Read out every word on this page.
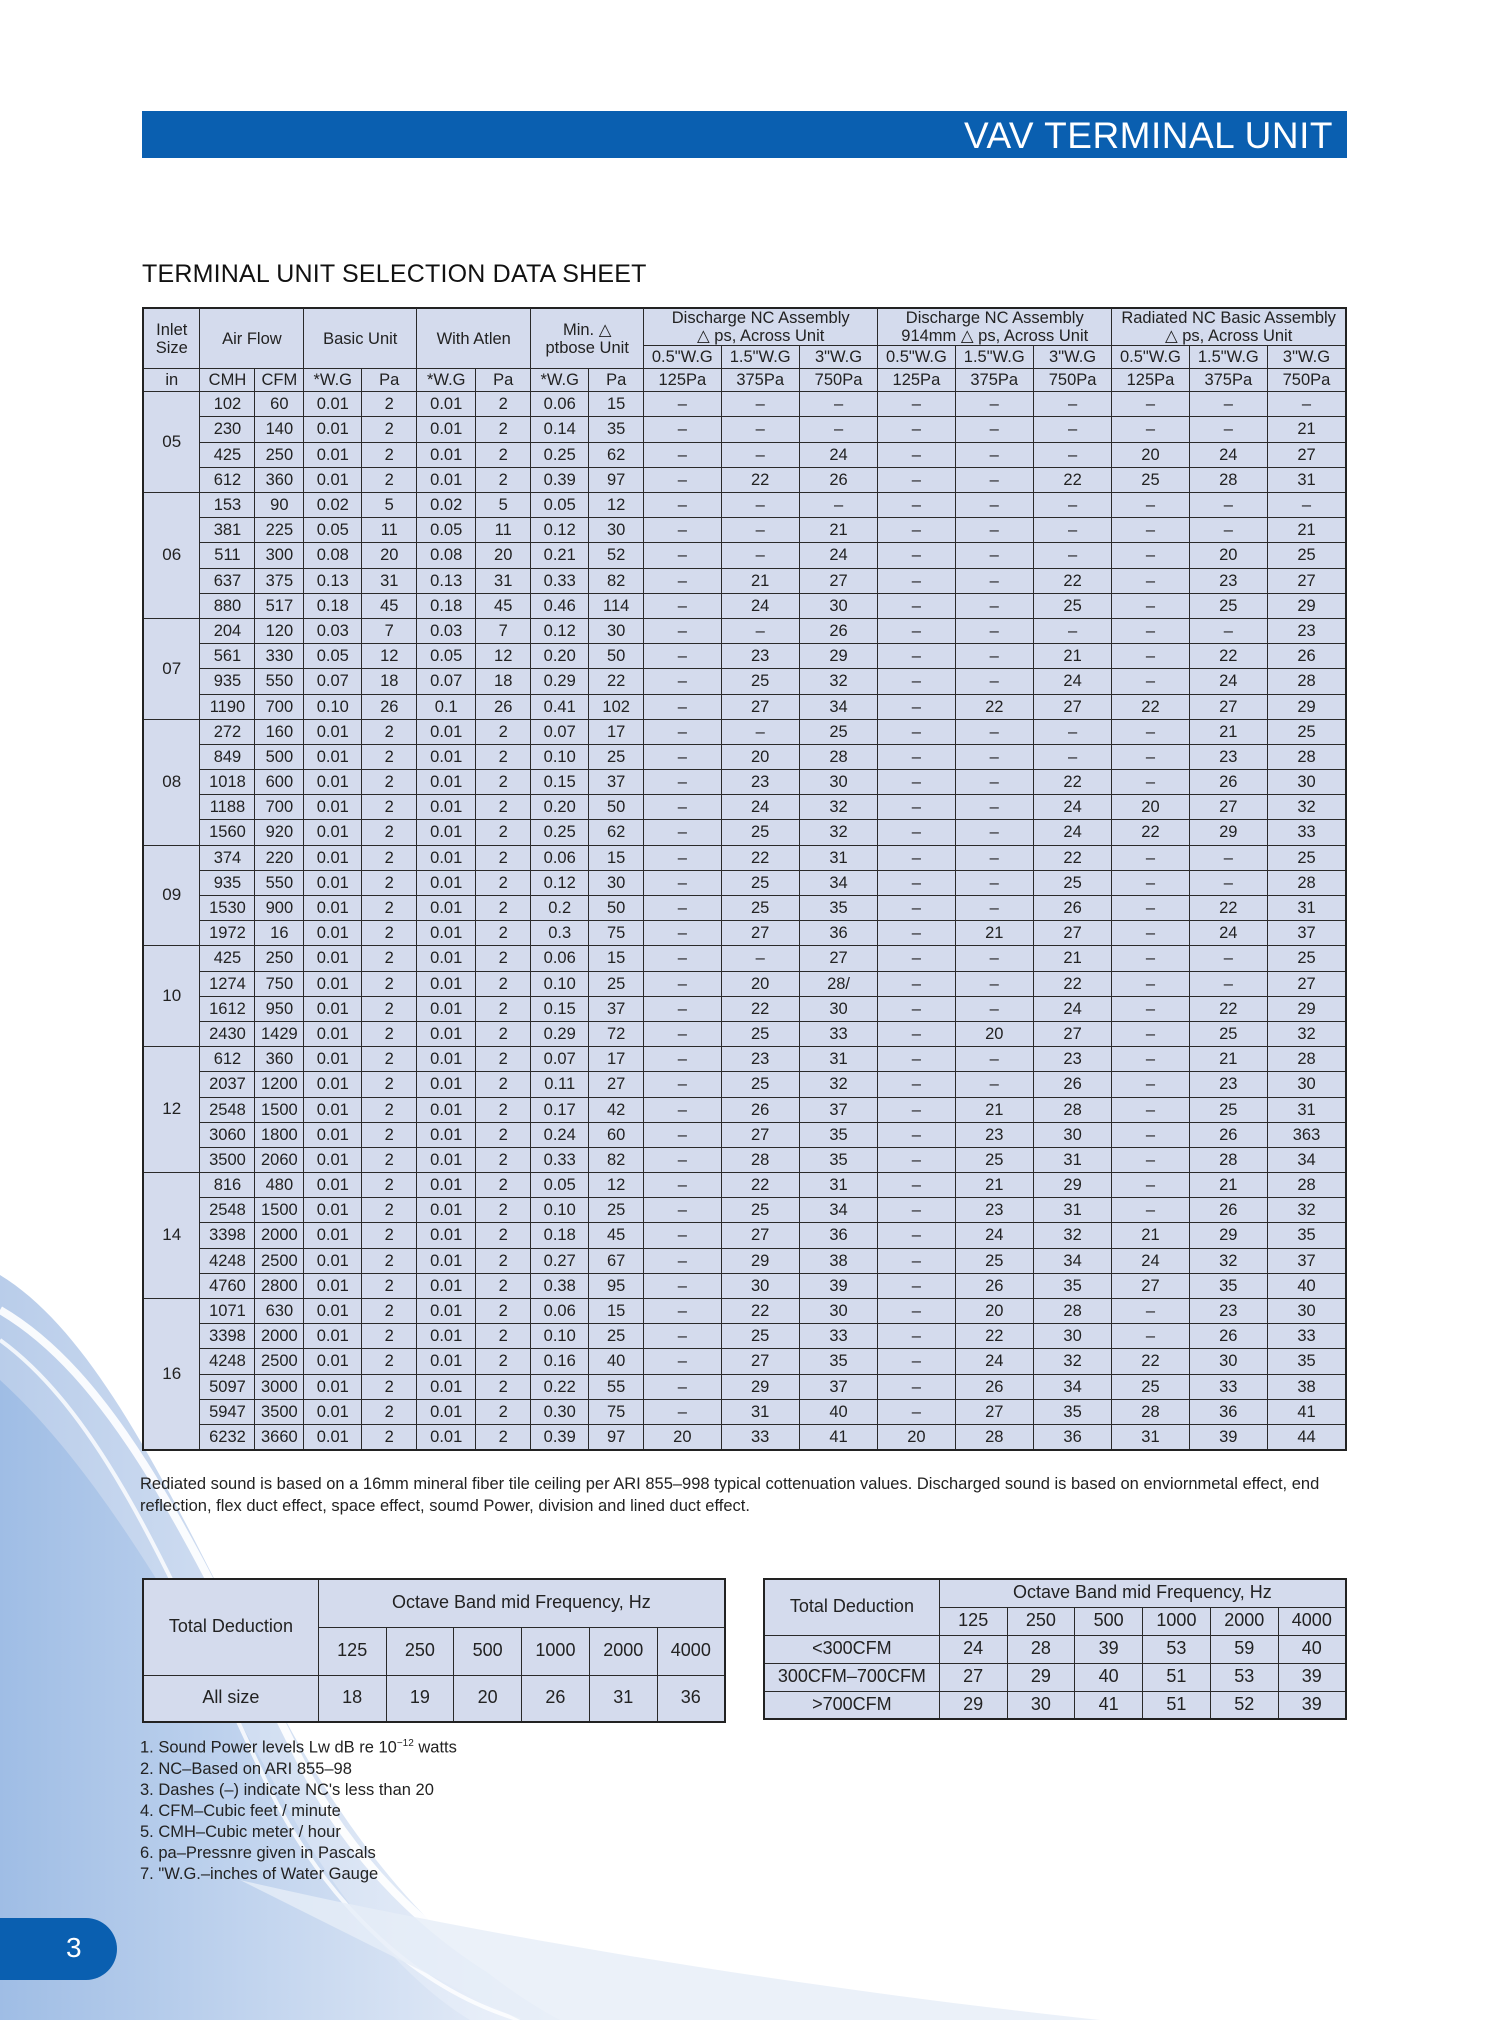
VAV TERMINAL UNIT
TERMINAL UNIT SELECTION DATA SHEET
Inlet Size	Air Flow		Basic Unit		With Atlen		Min. △ ptbose Unit		Discharge NC Assembly △ ps, Across Unit			Discharge NC Assembly 914mm △ ps, Across Unit			Radiated NC Basic Assembly △ ps, Across Unit		

									0.5"W.G	1.5"W.G	3"W.G	0.5"W.G	1.5"W.G	3"W.G	0.5"W.G	1.5"W.G	3"W.G
in	CMH	CFM	*W.G	Pa	*W.G	Pa	*W.G	Pa	125Pa	375Pa	750Pa	125Pa	375Pa	750Pa	125Pa	375Pa	750Pa
05	102	60	0.01	2	0.01	2	0.06	15	–	–	–	–	–	–	–	–	–
	230	140	0.01	2	0.01	2	0.14	35	–	–	–	–	–	–	–	–	21
	425	250	0.01	2	0.01	2	0.25	62	–	–	24	–	–	–	20	24	27
	612	360	0.01	2	0.01	2	0.39	97	–	22	26	–	–	22	25	28	31
06	153	90	0.02	5	0.02	5	0.05	12	–	–	–	–	–	–	–	–	–
	381	225	0.05	11	0.05	11	0.12	30	–	–	21	–	–	–	–	–	21
	511	300	0.08	20	0.08	20	0.21	52	–	–	24	–	–	–	–	20	25
	637	375	0.13	31	0.13	31	0.33	82	–	21	27	–	–	22	–	23	27
	880	517	0.18	45	0.18	45	0.46	114	–	24	30	–	–	25	–	25	29
07	204	120	0.03	7	0.03	7	0.12	30	–	–	26	–	–	–	–	–	23
	561	330	0.05	12	0.05	12	0.20	50	–	23	29	–	–	21	–	22	26
	935	550	0.07	18	0.07	18	0.29	22	–	25	32	–	–	24	–	24	28
	1190	700	0.10	26	0.1	26	0.41	102	–	27	34	–	22	27	22	27	29
08	272	160	0.01	2	0.01	2	0.07	17	–	–	25	–	–	–	–	21	25
	849	500	0.01	2	0.01	2	0.10	25	–	20	28	–	–	–	–	23	28
	1018	600	0.01	2	0.01	2	0.15	37	–	23	30	–	–	22	–	26	30
	1188	700	0.01	2	0.01	2	0.20	50	–	24	32	–	–	24	20	27	32
	1560	920	0.01	2	0.01	2	0.25	62	–	25	32	–	–	24	22	29	33
09	374	220	0.01	2	0.01	2	0.06	15	–	22	31	–	–	22	–	–	25
	935	550	0.01	2	0.01	2	0.12	30	–	25	34	–	–	25	–	–	28
	1530	900	0.01	2	0.01	2	0.2	50	–	25	35	–	–	26	–	22	31
	1972	16	0.01	2	0.01	2	0.3	75	–	27	36	–	21	27	–	24	37
10	425	250	0.01	2	0.01	2	0.06	15	–	–	27	–	–	21	–	–	25
	1274	750	0.01	2	0.01	2	0.10	25	–	20	28/	–	–	22	–	–	27
	1612	950	0.01	2	0.01	2	0.15	37	–	22	30	–	–	24	–	22	29
	2430	1429	0.01	2	0.01	2	0.29	72	–	25	33	–	20	27	–	25	32
12	612	360	0.01	2	0.01	2	0.07	17	–	23	31	–	–	23	–	21	28
	2037	1200	0.01	2	0.01	2	0.11	27	–	25	32	–	–	26	–	23	30
	2548	1500	0.01	2	0.01	2	0.17	42	–	26	37	–	21	28	–	25	31
	3060	1800	0.01	2	0.01	2	0.24	60	–	27	35	–	23	30	–	26	363
	3500	2060	0.01	2	0.01	2	0.33	82	–	28	35	–	25	31	–	28	34
14	816	480	0.01	2	0.01	2	0.05	12	–	22	31	–	21	29	–	21	28
	2548	1500	0.01	2	0.01	2	0.10	25	–	25	34	–	23	31	–	26	32
	3398	2000	0.01	2	0.01	2	0.18	45	–	27	36	–	24	32	21	29	35
	4248	2500	0.01	2	0.01	2	0.27	67	–	29	38	–	25	34	24	32	37
	4760	2800	0.01	2	0.01	2	0.38	95	–	30	39	–	26	35	27	35	40
16	1071	630	0.01	2	0.01	2	0.06	15	–	22	30	–	20	28	–	23	30
	3398	2000	0.01	2	0.01	2	0.10	25	–	25	33	–	22	30	–	26	33
	4248	2500	0.01	2	0.01	2	0.16	40	–	27	35	–	24	32	22	30	35
	5097	3000	0.01	2	0.01	2	0.22	55	–	29	37	–	26	34	25	33	38
	5947	3500	0.01	2	0.01	2	0.30	75	–	31	40	–	27	35	28	36	41
	6232	3660	0.01	2	0.01	2	0.39	97	20	33	41	20	28	36	31	39	44
Rediated sound is based on a 16mm mineral fiber tile ceiling per ARI 855–998 typical cottenuation values. Discharged sound is based on enviornmetal effect, end reflection, flex duct effect, space effect, soumd Power, division and lined duct effect.
Total Deduction	Octave Band mid Frequency, Hz					
	125	250	500	1000	2000	4000
All size	18	19	20	26	31	36
Total Deduction	Octave Band mid Frequency, Hz					
	125	250	500	1000	2000	4000
<300CFM	24	28	39	53	59	40
300CFM–700CFM	27	29	40	51	53	39
>700CFM	29	30	41	51	52	39
1. Sound Power levels Lw dB re $10^{-12}$ watts
2. NC–Based on ARI 855–98
3. Dashes (–) indicate NC's less than 20
4. CFM–Cubic feet / minute
5. CMH–Cubic meter / hour
6. pa–Pressnre given in Pascals
7. "W.G.–inches of Water Gauge
3
